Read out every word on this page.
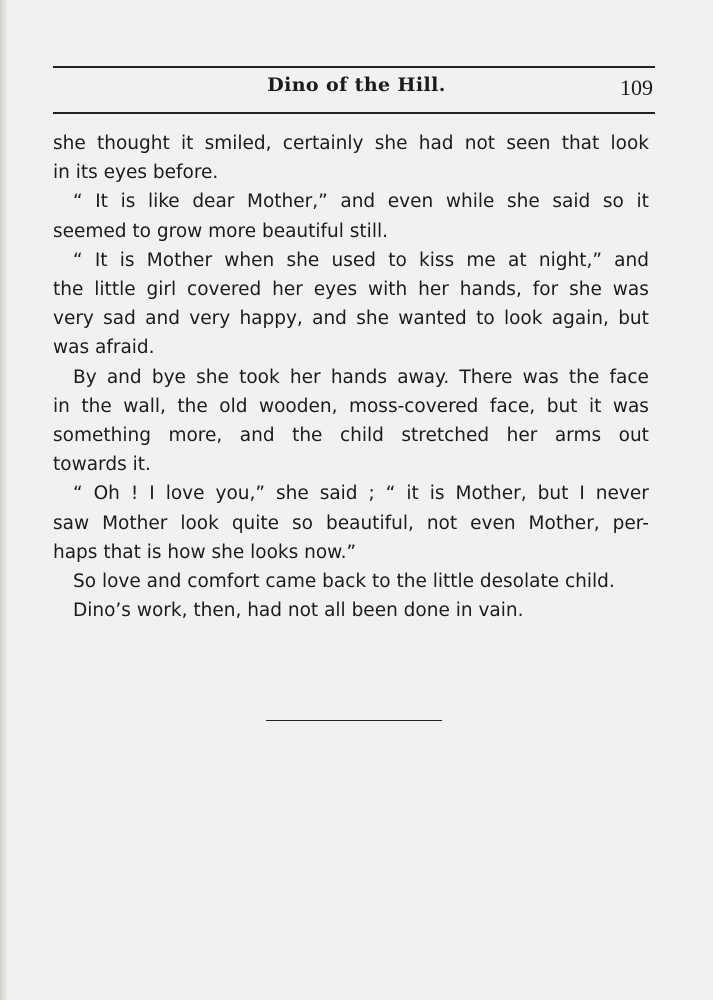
Dino of the Hill.	109
she thought it smiled, certainly she had not seen that look
in its eyes before.
“ It is like dear Mother,” and even while she said so it
seemed to grow more beautiful still.
“ It is Mother when she used to kiss me at night,” and
the little girl covered her eyes with her hands, for she was
very sad and very happy, and she wanted to look again, but
was afraid.
By and bye she took her hands away. There was the face
in the wall, the old wooden, moss-covered face, but it was
something more, and the child stretched her arms out
towards it.
“ Oh ! I love you,” she said ; “ it is Mother, but I never
saw Mother look quite so beautiful, not even Mother, per-
haps that is how she looks now.”
So love and comfort came back to the little desolate child.
Dino’s work, then, had not all been done in vain.
